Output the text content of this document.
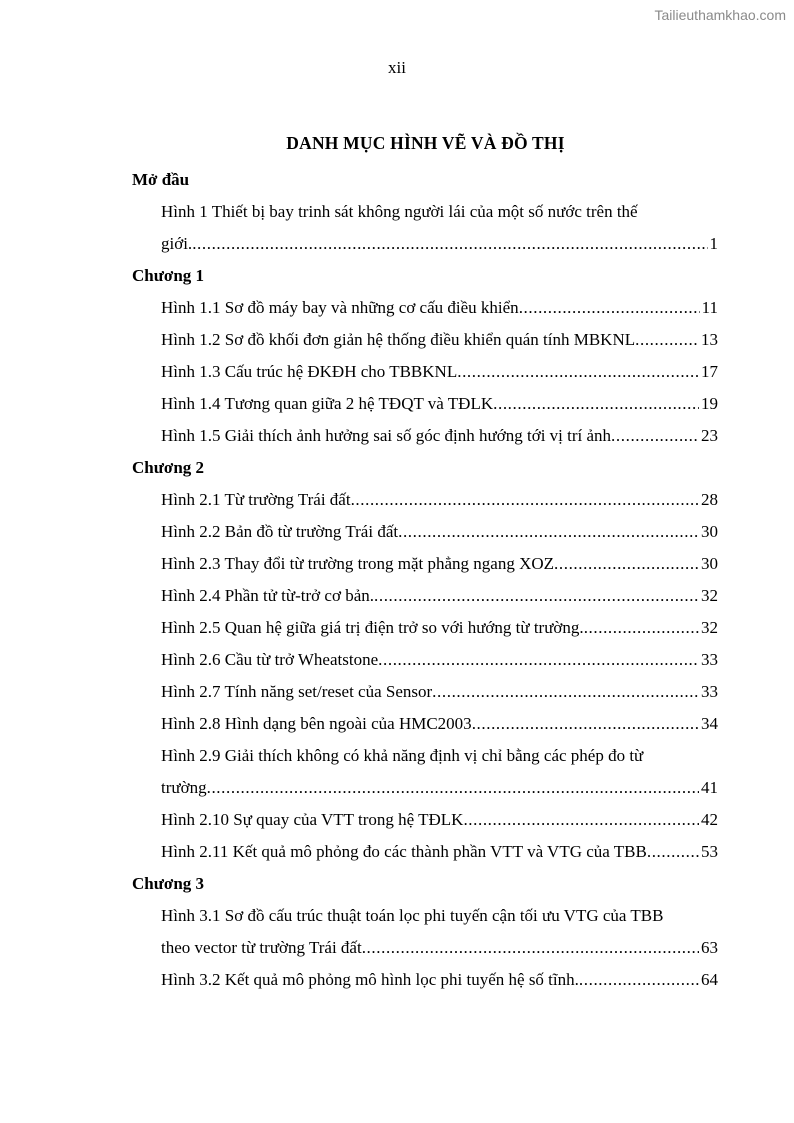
Tailieuthamkhao.com
xii
DANH MỤC HÌNH VẼ VÀ ĐỒ THỊ
Mở đầu
Hình 1 Thiết bị bay trinh sát không người lái của một số nước trên thế
giới. .....	1
Chương 1
Hình 1.1 Sơ đồ máy bay và những cơ cấu điều khiển .....	11
Hình 1.2 Sơ đồ khối đơn giản hệ thống điều khiển quán tính MBKNL .....	13
Hình 1.3 Cấu trúc hệ ĐKĐH cho TBBKNL .....	17
Hình 1.4 Tương quan giữa 2 hệ TĐQT và TĐLK .....	19
Hình 1.5 Giải thích ảnh hưởng sai số góc định hướng tới vị trí ảnh .....	23
Chương 2
Hình 2.1 Từ trường Trái đất .....	28
Hình 2.2 Bản đồ từ trường Trái đất .....	30
Hình 2.3 Thay đổi từ trường trong mặt phẳng ngang XOZ .....	30
Hình 2.4 Phần tử từ-trở cơ bản. .....	32
Hình 2.5 Quan hệ giữa giá trị điện trở so với hướng từ trường. .....	32
Hình 2.6 Cầu từ trở Wheatstone .....	33
Hình 2.7 Tính năng set/reset của Sensor .....	33
Hình 2.8 Hình dạng bên ngoài của HMC2003 .....	34
Hình 2.9 Giải thích không có khả năng định vị chỉ bằng các phép đo từ
trường .....	41
Hình 2.10 Sự quay của VTT trong hệ TĐLK .....	42
Hình 2.11 Kết quả mô phỏng đo các thành phần VTT và VTG của TBB .....	53
Chương 3
Hình 3.1 Sơ đồ cấu trúc thuật toán lọc phi tuyến cận tối ưu VTG của TBB
theo vector từ trường Trái đất .....	63
Hình 3.2 Kết quả mô phỏng mô hình lọc phi tuyến hệ số tĩnh. .....	64
